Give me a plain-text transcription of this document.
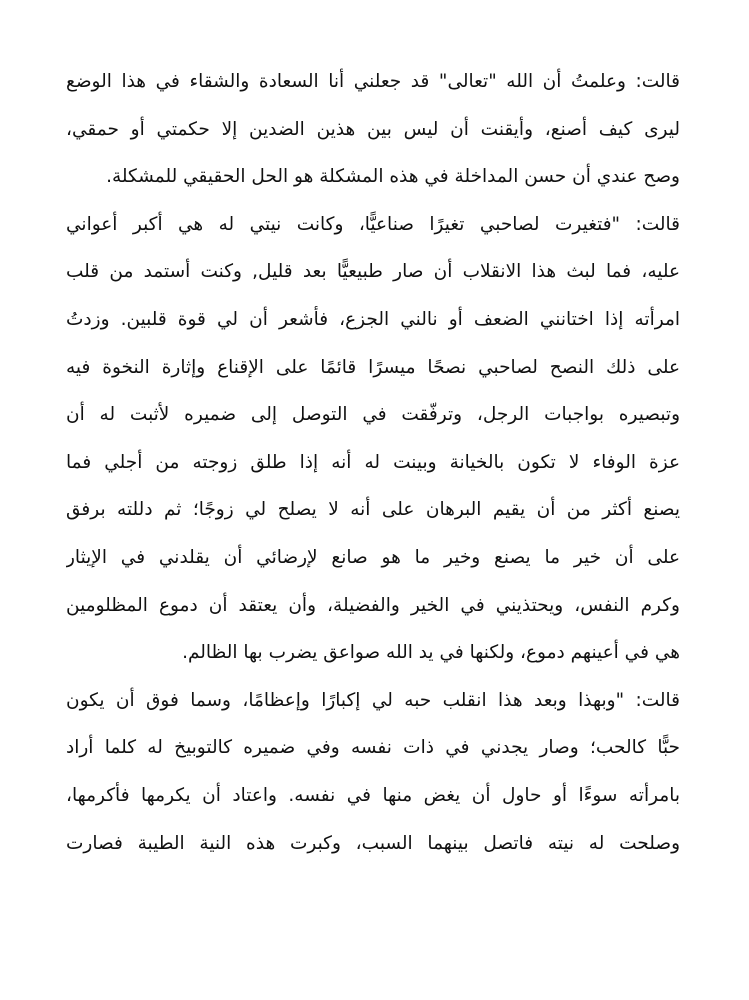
قالت: وعلمتُ أن الله "تعالى" قد جعلني أنا السعادة والشقاء في هذا الوضع
ليرى كيف أصنع، وأيقنت أن ليس بين هذين الضدين إلا حكمتي أو حمقي،
وصح عندي أن حسن المداخلة في هذه المشكلة هو الحل الحقيقي للمشكلة.
قالت: "فتغيرت لصاحبي تغيرًا صناعيًّا، وكانت نيتي له هي أكبر أعواني
عليه، فما لبث هذا الانقلاب أن صار طبيعيًّا بعد قليل, وكنت أستمد من قلب
امرأته إذا اختانني الضعف أو نالني الجزع، فأشعر أن لي قوة قلبين. وزدتُ
على ذلك النصح لصاحبي نصحًا ميسرًا قائمًا على الإقناع وإثارة النخوة فيه
وتبصيره بواجبات الرجل، وترفّقت في التوصل إلى ضميره لأثبت له أن
عزة الوفاء لا تكون بالخيانة وبينت له أنه إذا طلق زوجته من أجلي فما
يصنع أكثر من أن يقيم البرهان على أنه لا يصلح لي زوجًا؛ ثم دللته برفق
على أن خير ما يصنع وخير ما هو صانع لإرضائي أن يقلدني في الإيثار
وكرم النفس، ويحتذيني في الخير والفضيلة، وأن يعتقد أن دموع المظلومين
هي في أعينهم دموع، ولكنها في يد الله صواعق يضرب بها الظالم.
قالت: "وبهذا وبعد هذا انقلب حبه لي إكبارًا وإعظامًا، وسما فوق أن يكون
حبًّا كالحب؛ وصار يجدني في ذات نفسه وفي ضميره كالتوبيخ له كلما أراد
بامرأته سوءًا أو حاول أن يغض منها في نفسه. واعتاد أن يكرمها فأكرمها،
وصلحت له نيته فاتصل بينهما السبب، وكبرت هذه النية الطيبة فصارت
